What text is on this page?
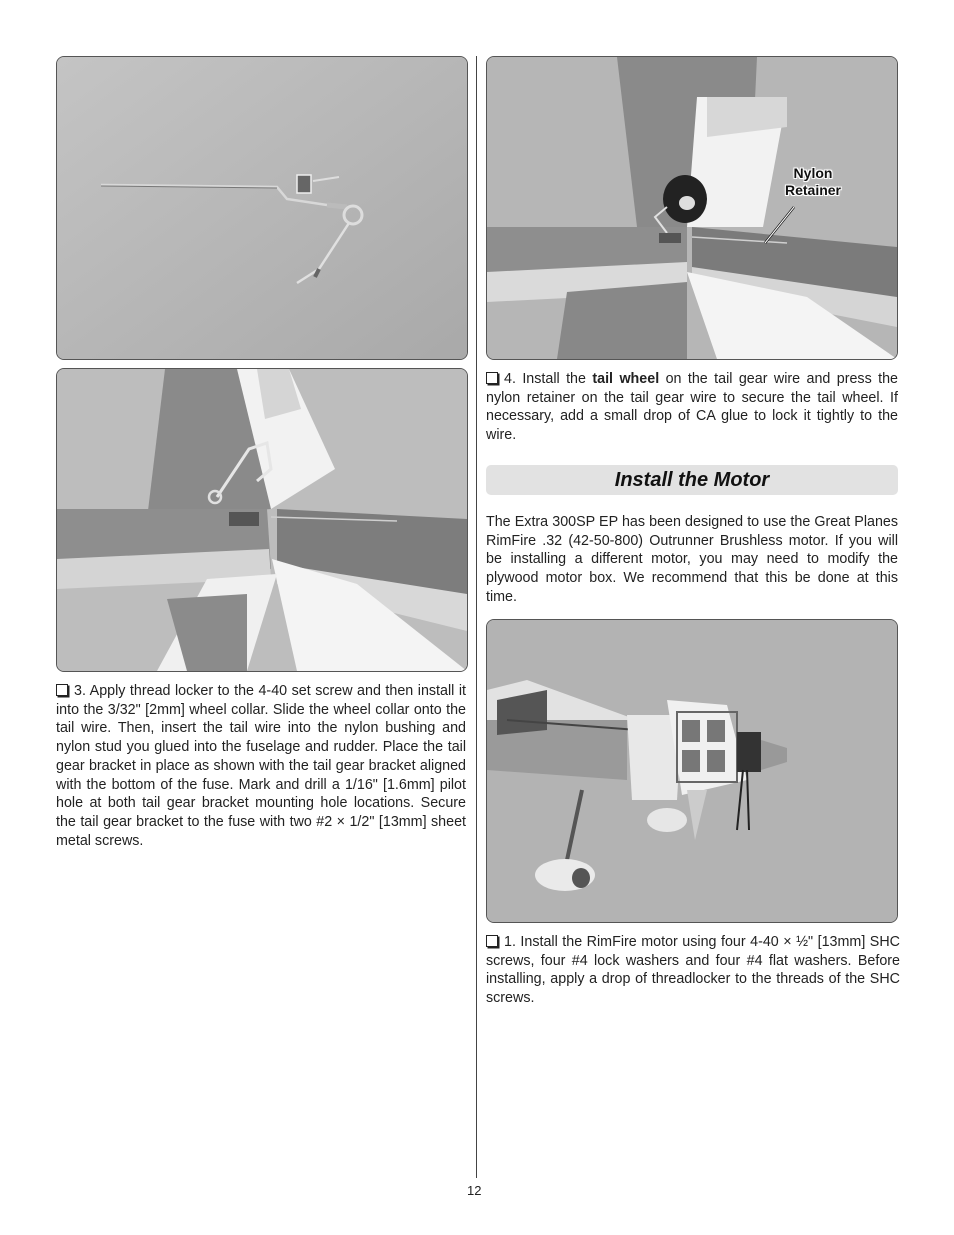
Nylon
Retainer
3. Apply thread locker to the 4-40 set screw and then install it into the 3/32" [2mm] wheel collar. Slide the wheel collar onto the tail wire. Then, insert the tail wire into the nylon bushing and nylon stud you glued into the fuselage and rudder. Place the tail gear bracket in place as shown with the tail gear bracket aligned with the bottom of the fuse. Mark and drill a 1/16" [1.6mm] pilot hole at both tail gear bracket mounting hole locations. Secure the tail gear bracket to the fuse with two #2 × 1/2" [13mm] sheet metal screws.
4. Install the tail wheel on the tail gear wire and press the nylon retainer on the tail gear wire to secure the tail wheel. If necessary, add a small drop of CA glue to lock it tightly to the wire.
Install the Motor
The Extra 300SP EP has been designed to use the Great Planes RimFire .32 (42-50-800) Outrunner Brushless motor. If you will be installing a different motor, you may need to modify the plywood motor box. We recommend that this be done at this time.
1. Install the RimFire motor using four 4-40 × ½" [13mm] SHC screws, four #4 lock washers and four #4 flat washers. Before installing, apply a drop of threadlocker to the threads of the SHC screws.
12
